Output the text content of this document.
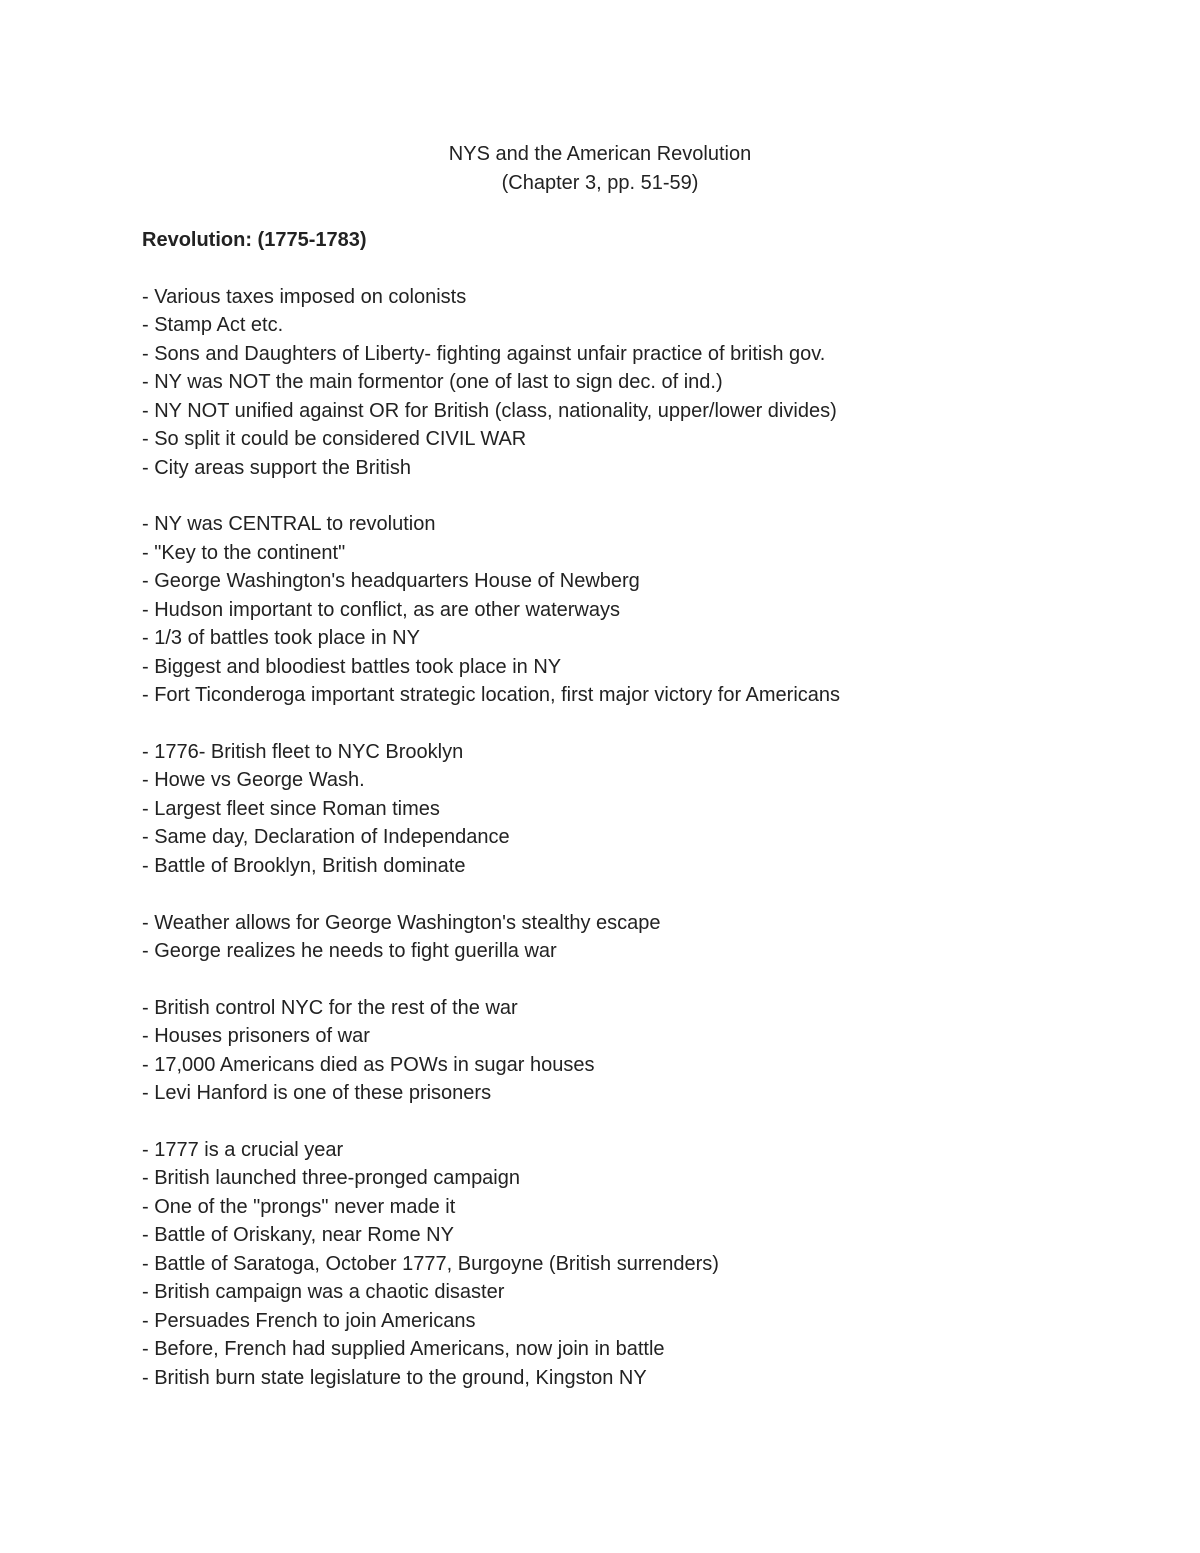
NYS and the American Revolution
(Chapter 3, pp. 51-59)
Revolution: (1775-1783)
- Various taxes imposed on colonists
- Stamp Act etc.
- Sons and Daughters of Liberty- fighting against unfair practice of british gov.
- NY was NOT the main formentor (one of last to sign dec. of ind.)
- NY NOT unified against OR for British (class, nationality, upper/lower divides)
- So split it could be considered CIVIL WAR
- City areas support the British
- NY was CENTRAL to revolution
- "Key to the continent"
- George Washington's headquarters House of Newberg
- Hudson important to conflict, as are other waterways
- 1/3 of battles took place in NY
- Biggest and bloodiest battles took place in NY
- Fort Ticonderoga important strategic location, first major victory for Americans
- 1776- British fleet to NYC Brooklyn
- Howe vs George Wash.
- Largest fleet since Roman times
- Same day, Declaration of Independance
- Battle of Brooklyn, British dominate
- Weather allows for George Washington's stealthy escape
- George realizes he needs to fight guerilla war
- British control NYC for the rest of the war
- Houses prisoners of war
- 17,000 Americans died as POWs in sugar houses
- Levi Hanford is one of these prisoners
- 1777 is a crucial year
- British launched three-pronged campaign
- One of the "prongs" never made it
- Battle of Oriskany, near Rome NY
- Battle of Saratoga, October 1777, Burgoyne (British surrenders)
- British campaign was a chaotic disaster
- Persuades French to join Americans
- Before, French had supplied Americans, now join in battle
- British burn state legislature to the ground, Kingston NY
